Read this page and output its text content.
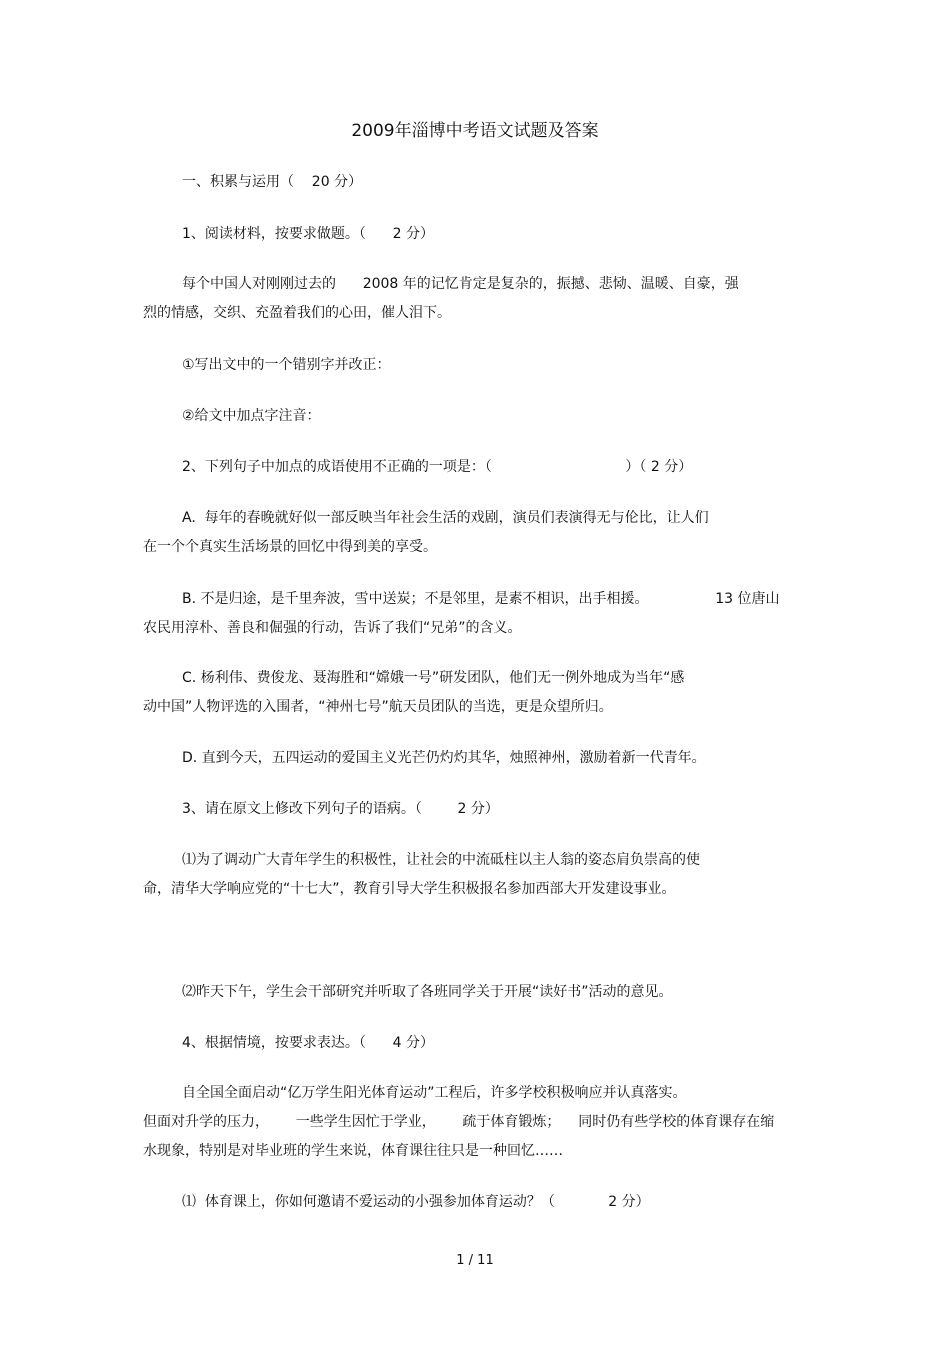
2009年淄博中考语文试题及答案
一、积累与运用（    20 分）
1、阅读材料，按要求做题。（      2 分）
每个中国人对刚刚过去的      2008 年的记忆肯定是复杂的，振撼、悲恸、温暖、自豪，强
烈的情感，交织、充盈着我们的心田，催人泪下。
①写出文中的一个错别字并改正：
②给文中加点字注音：
2、下列句子中加点的成语使用不正确的一项是：（                              ）（ 2 分）
A.  每年的春晚就好似一部反映当年社会生活的戏剧，演员们表演得无与伦比，让人们
在一个个真实生活场景的回忆中得到美的享受。
B. 不是归途，是千里奔波，雪中送炭；不是邻里，是素不相识，出手相援。               13 位唐山
农民用淳朴、善良和倔强的行动，告诉了我们“兄弟”的含义。
C. 杨利伟、费俊龙、聂海胜和“嫦娥一号”研发团队，他们无一例外地成为当年“感
动中国”人物评选的入围者，“神州七号”航天员团队的当选，更是众望所归。
D. 直到今天，五四运动的爱国主义光芒仍灼灼其华，烛照神州，激励着新一代青年。
3、请在原文上修改下列句子的语病。（        2 分）
⑴为了调动广大青年学生的积极性，让社会的中流砥柱以主人翁的姿态肩负崇高的使
命，清华大学响应党的“十七大”，教育引导大学生积极报名参加西部大开发建设事业。
⑵昨天下午，学生会干部研究并听取了各班同学关于开展“读好书”活动的意见。
4、根据情境，按要求表达。（      4 分）
自全国全面启动“亿万学生阳光体育运动”工程后，许多学校积极响应并认真落实。
但面对升学的压力，      一些学生因忙于学业，      疏于体育锻炼；    同时仍有些学校的体育课存在缩
水现象，特别是对毕业班的学生来说，体育课往往只是一种回忆……
⑴  体育课上，你如何邀请不爱运动的小强参加体育运动？（            2 分）
1 / 11
